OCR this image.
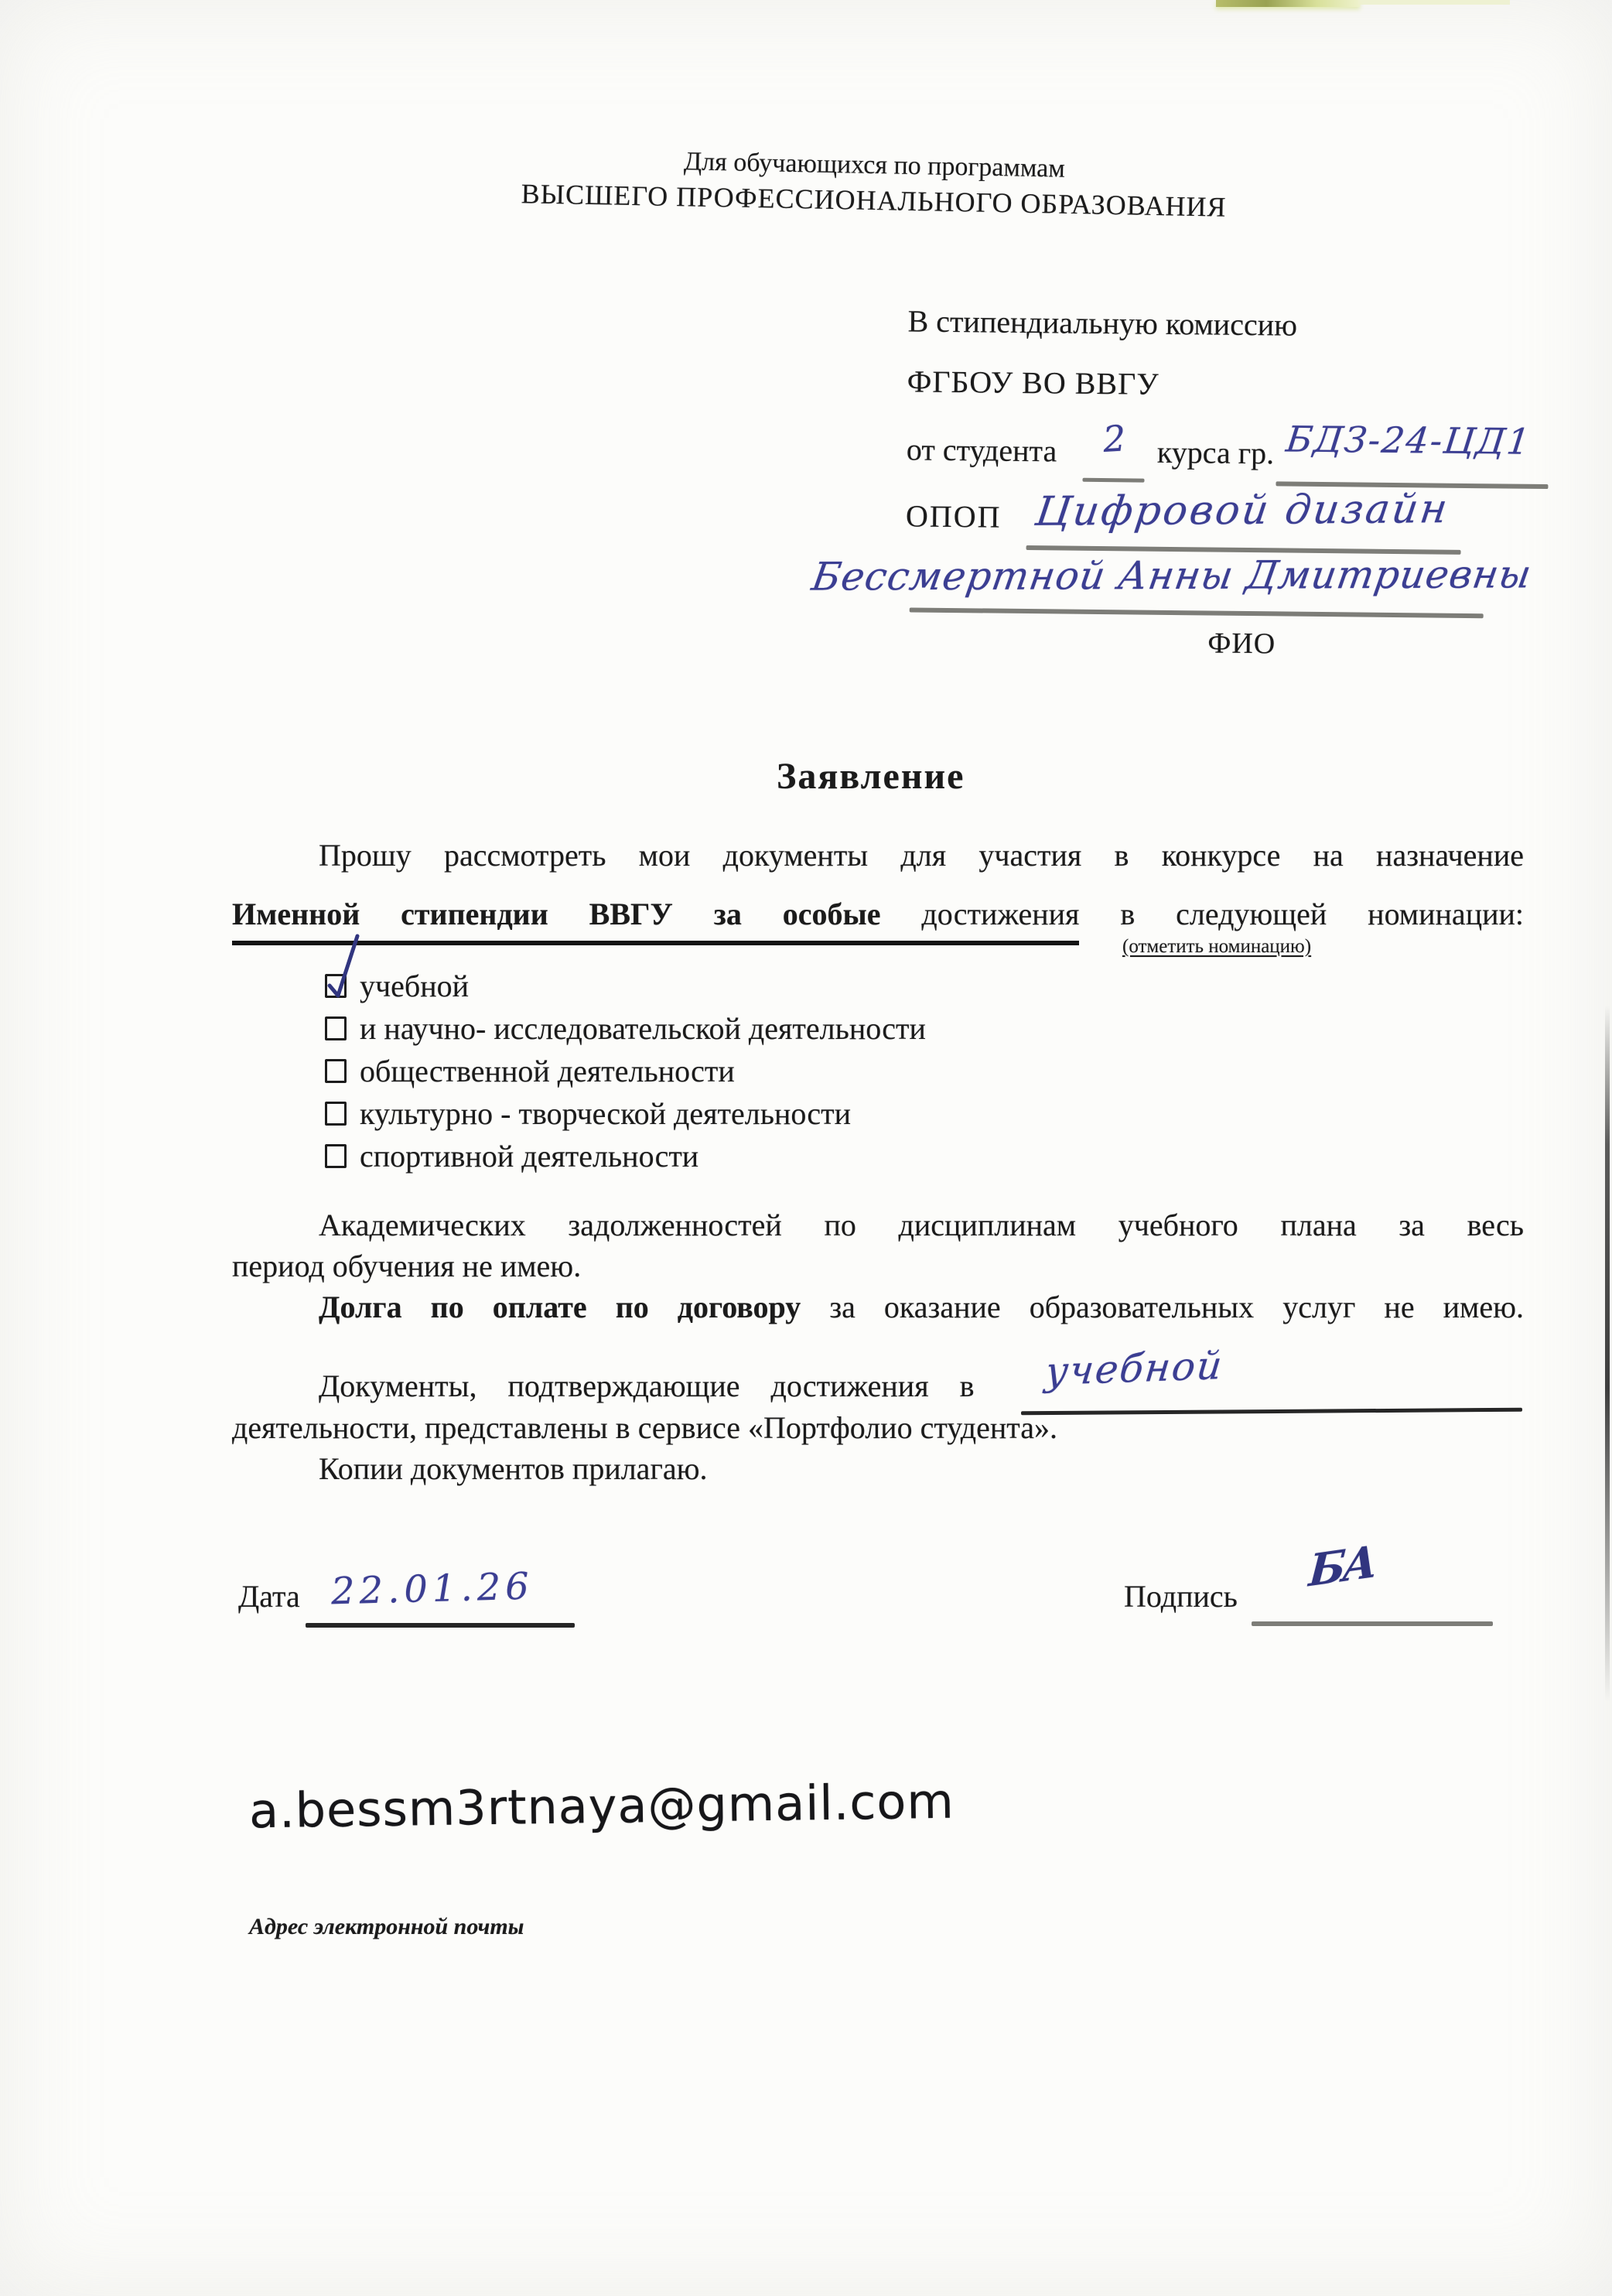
Для обучающихся по программам
ВЫСШЕГО ПРОФЕССИОНАЛЬНОГО ОБРАЗОВАНИЯ
В стипендиальную комиссию
ФГБОУ ВО ВВГУ
от студента 2 курса гр. БДЗ-24-ЦД1
ОПОП Цифровой дизайн
Бессмертной Анны Дмитриевны
ФИО
Заявление
Прошу рассмотреть мои документы для участия в конкурсе на назначение
Именной стипендии ВВГУ за особые достижения в следующей номинации:
(отметить номинацию)
учебной
и научно- исследовательской деятельности
общественной деятельности
культурно - творческой деятельности
спортивной деятельности
Академических задолженностей по дисциплинам учебного плана за весь
период обучения не имею.
Долга по оплате по договору за оказание образовательных услуг не имею.
Документы, подтверждающие достижения в учебной
деятельности, представлены в сервисе «Портфолио студента».
Копии документов прилагаю.
Дата 22.01.26	Подпись БА
a.bessm3rtnaya@gmail.com
Адрес электронной почты
